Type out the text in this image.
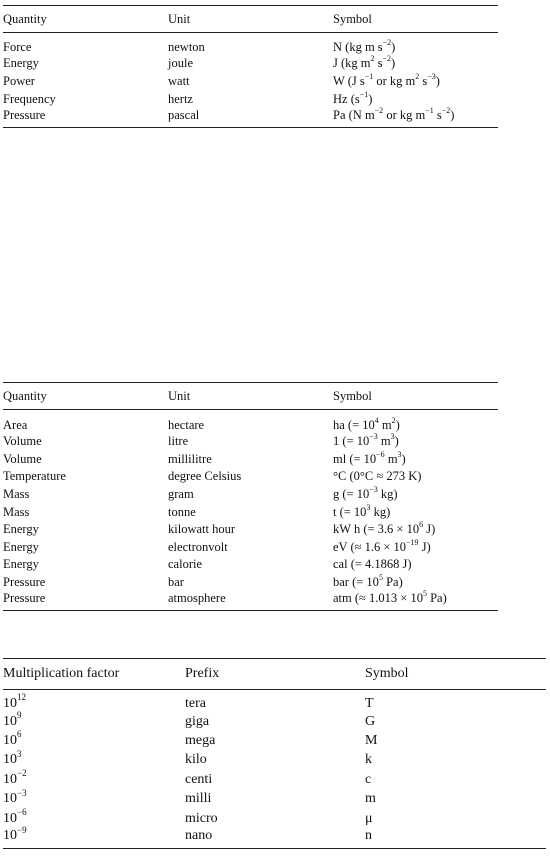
Quantity	Unit	Symbol
Force	newton	N (kg m $s^{-2}$)
Energy	joule	J (kg $m^2$ $s^{-2}$)
Power	watt	W (J $s^{-1}$ or kg $m^2$ $s^{-3}$)
Frequency	hertz	Hz $(s^{-1})$
Pressure	pascal	Pa (N $m^{-2}$ or kg $m^{-1}$ $s^{-2}$)
Quantity	Unit	Symbol
Area	hectare	ha (= $10^4$ $m^2$)
Volume	litre	1 (= $10^{-3}$ $m^3$)
Volume	millilitre	ml (= $10^{-6}$ $m^3$)
Temperature	degree Celsius	°C (0°C ≈ 273 K)
Mass	gram	g (= $10^{-3}$ kg)
Mass	tonne	t (= $10^3$ kg)
Energy	kilowatt hour	kW h (= $3.6 \times 10^6$ J)
Energy	electronvolt	eV (≈ $1.6 \times 10^{-19}$ J)
Energy	calorie	cal (= 4.1868 J)
Pressure	bar	bar (= $10^5$ Pa)
Pressure	atmosphere	atm (≈ $1.013 \times 10^5$ Pa)
Multiplication factor	Prefix	Symbol
$10^{12}$	tera	T
$10^9$	giga	G
$10^6$	mega	M
$10^3$	kilo	k
$10^{-2}$	centi	c
$10^{-3}$	milli	m
$10^{-6}$	micro	μ
$10^{-9}$	nano	n
